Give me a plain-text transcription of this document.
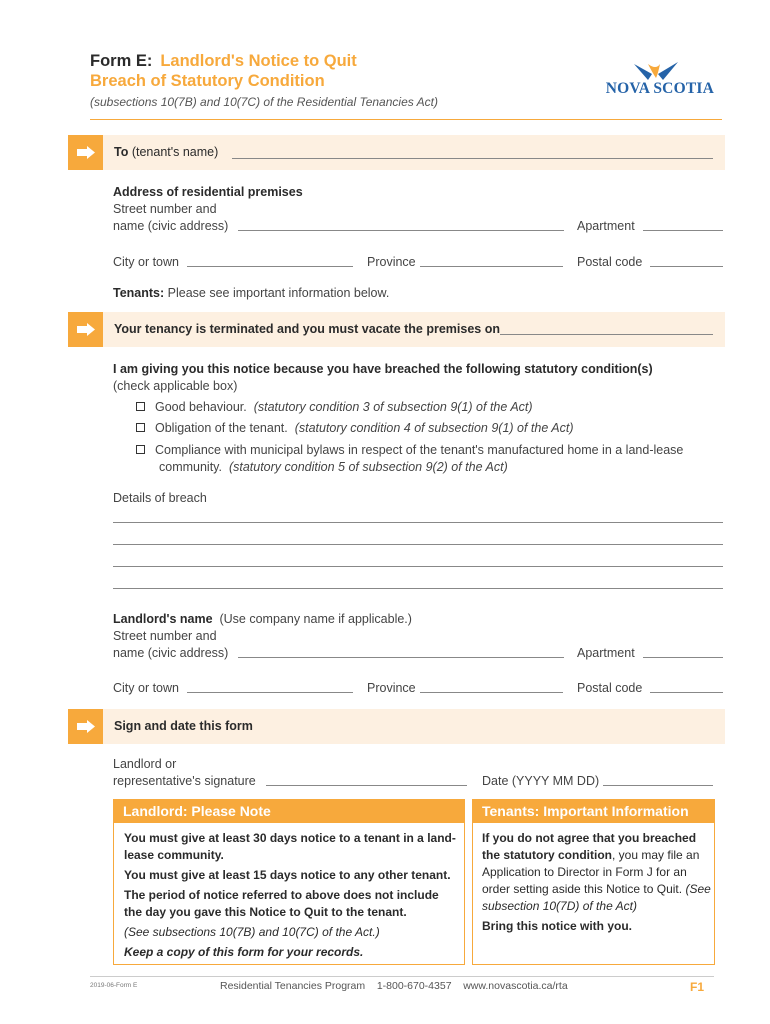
Form E: Landlord's Notice to Quit
Breach of Statutory Condition
(subsections 10(7B) and 10(7C) of the Residential Tenancies Act)
NOVA SCOTIA
To (tenant's name)
Address of residential premises
Street number and
name (civic address)	Apartment
City or town	Province	Postal code
Tenants: Please see important information below.
Your tenancy is terminated and you must vacate the premises on
I am giving you this notice because you have breached the following statutory condition(s)
(check applicable box)
Good behaviour. (statutory condition 3 of subsection 9(1) of the Act)
Obligation of the tenant. (statutory condition 4 of subsection 9(1) of the Act)
Compliance with municipal bylaws in respect of the tenant's manufactured home in a land-lease
community. (statutory condition 5 of subsection 9(2) of the Act)
Details of breach
Landlord's name (Use company name if applicable.)
Street number and
name (civic address)	Apartment
City or town	Province	Postal code
Sign and date this form
Landlord or
representative's signature	Date (YYYY MM DD)
Landlord: Please Note

You must give at least 30 days notice to a tenant in a land-lease community.

You must give at least 15 days notice to any other tenant.

The period of notice referred to above does not include the day you gave this Notice to Quit to the tenant.

(See subsections 10(7B) and 10(7C) of the Act.)

Keep a copy of this form for your records.

Tenants: Important Information

If you do not agree that you breached the statutory condition, you may file an Application to Director in Form J for an order setting aside this Notice to Quit. (See subsection 10(7D) of the Act)

Bring this notice with you.

2019-06-Form E	Residential Tenancies Program 1-800-670-4357 www.novascotia.ca/rta	F1
